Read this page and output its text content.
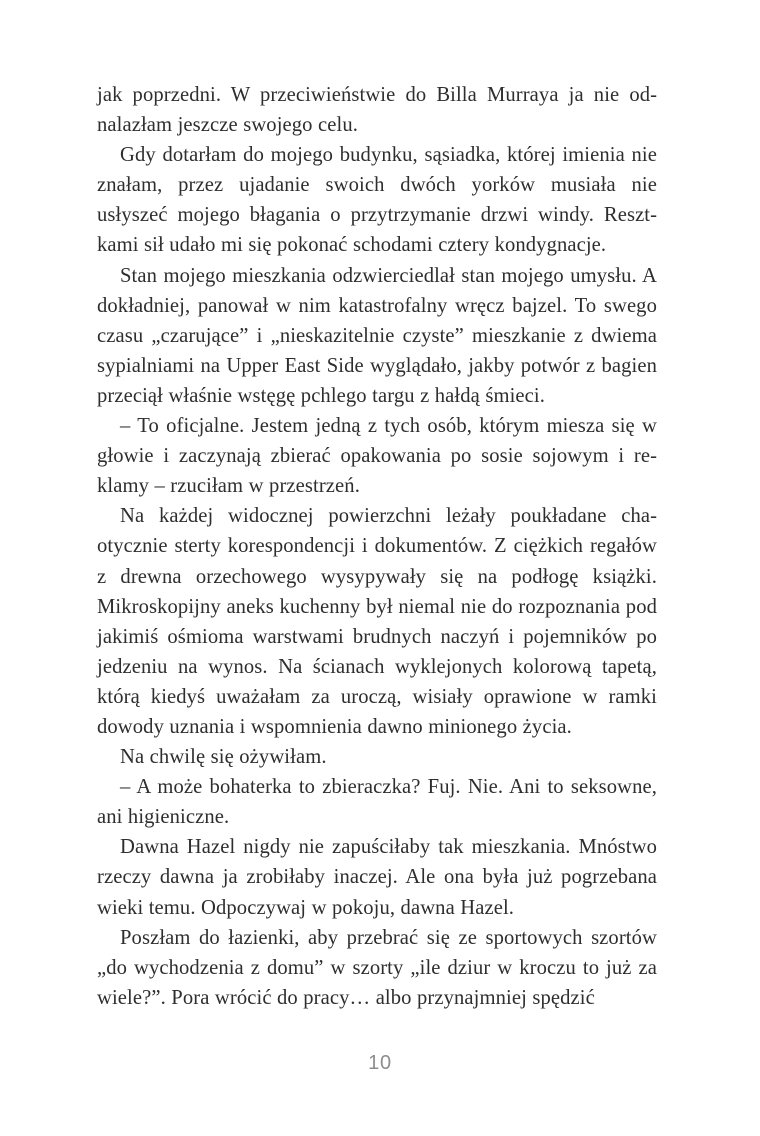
jak poprzedni. W przeciwieństwie do Billa Murraya ja nie odnalazłam jeszcze swojego celu.

Gdy dotarłam do mojego budynku, sąsiadka, której imienia nie znałam, przez ujadanie swoich dwóch yorków musiała nie usłyszeć mojego błagania o przytrzymanie drzwi windy. Resztkami sił udało mi się pokonać schodami cztery kondygnacje.

Stan mojego mieszkania odzwierciedlał stan mojego umysłu. A dokładniej, panował w nim katastrofalny wręcz bajzel. To swego czasu „czarujące” i „nieskazitelnie czyste” mieszkanie z dwiema sypialniami na Upper East Side wyglądało, jakby potwór z bagien przeciął właśnie wstęgę pchlego targu z hałdą śmieci.

– To oficjalne. Jestem jedną z tych osób, którym miesza się w głowie i zaczynają zbierać opakowania po sosie sojowym i reklamy – rzuciłam w przestrzeń.

Na każdej widocznej powierzchni leżały poukładane chaotycznie sterty korespondencji i dokumentów. Z ciężkich regałów z drewna orzechowego wysypywały się na podłogę książki. Mikroskopijny aneks kuchenny był niemal nie do rozpoznania pod jakimiś ośmioma warstwami brudnych naczyń i pojemników po jedzeniu na wynos. Na ścianach wyklejonych kolorową tapetą, którą kiedyś uważałam za uroczą, wisiały oprawione w ramki dowody uznania i wspomnienia dawno minionego życia.

Na chwilę się ożywiłam.

– A może bohaterka to zbieraczka? Fuj. Nie. Ani to seksowne, ani higieniczne.

Dawna Hazel nigdy nie zapuściłaby tak mieszkania. Mnóstwo rzeczy dawna ja zrobiłaby inaczej. Ale ona była już pogrzebana wieki temu. Odpoczywaj w pokoju, dawna Hazel.

Poszłam do łazienki, aby przebrać się ze sportowych szortów „do wychodzenia z domu” w szorty „ile dziur w kroczu to już za wiele?”. Pora wrócić do pracy… albo przynajmniej spędzić

10
